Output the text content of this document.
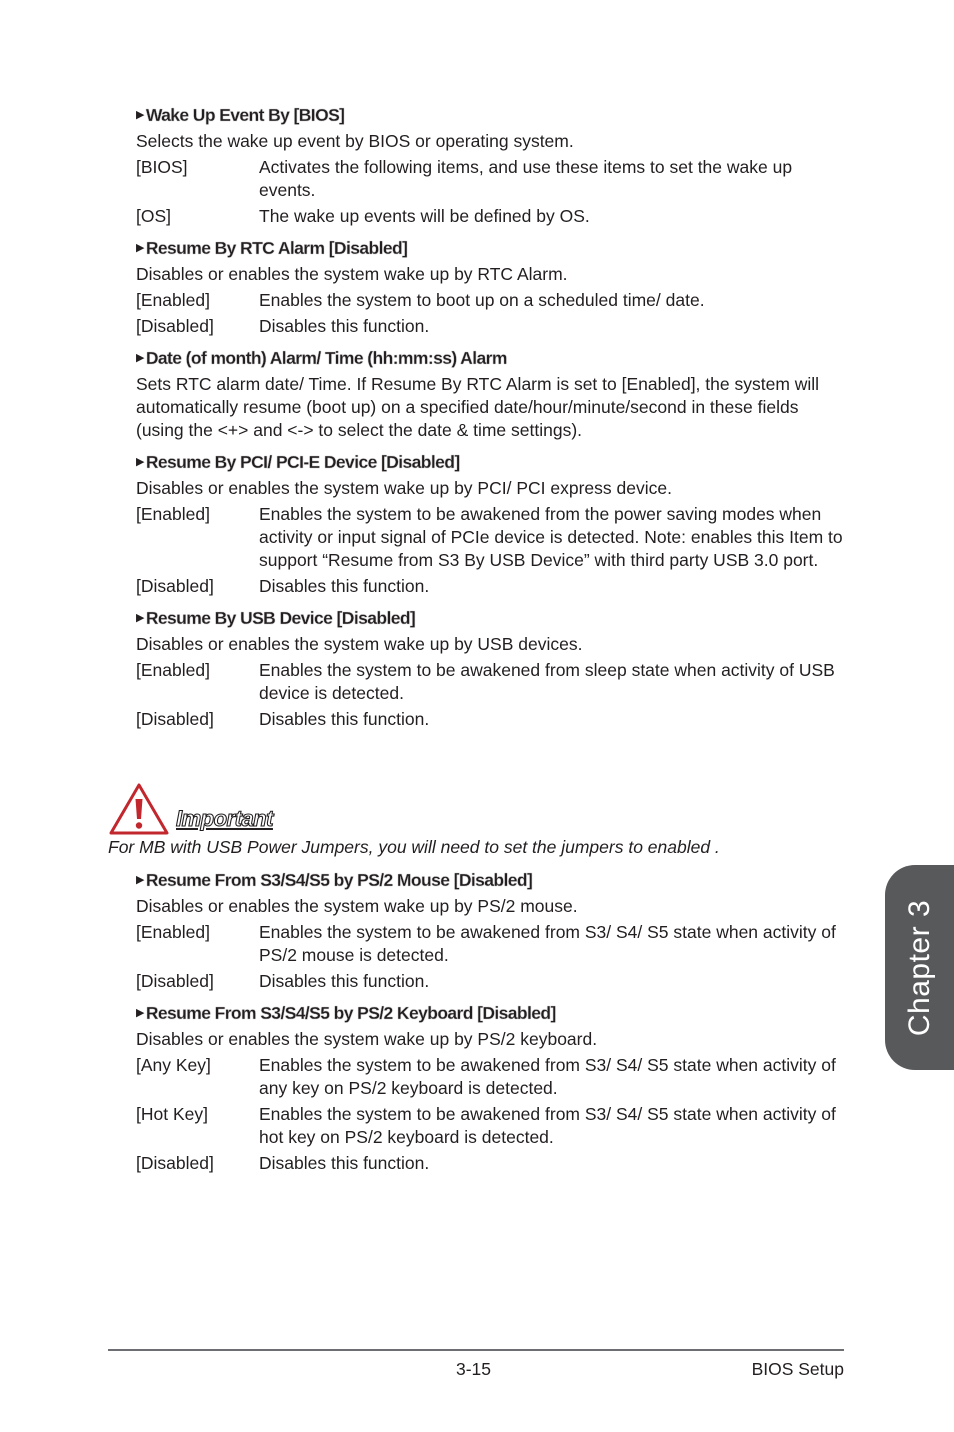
▶ Wake Up Event By [BIOS]
Selects the wake up event by BIOS or operating system.
[BIOS]	Activates the following items, and use these items to set the wake up events.
[OS]	The wake up events will be defined by OS.
▶ Resume By RTC Alarm [Disabled]
Disables or enables the system wake up by RTC Alarm.
[Enabled]	Enables the system to boot up on a scheduled time/ date.
[Disabled]	Disables this function.
▶ Date (of month) Alarm/ Time (hh:mm:ss) Alarm
Sets RTC alarm date/ Time. If Resume By RTC Alarm is set to [Enabled], the system will automatically resume (boot up) on a specified date/hour/minute/second in these fields (using the <+> and <-> to select the date & time settings).
▶ Resume By PCI/ PCI-E Device [Disabled]
Disables or enables the system wake up by PCI/ PCI express device.
[Enabled]	Enables the system to be awakened from the power saving modes when activity or input signal of PCIe device is detected. Note: enables this Item to support “Resume from S3 By USB Device” with third party USB 3.0 port.
[Disabled]	Disables this function.
▶ Resume By USB Device [Disabled]
Disables or enables the system wake up by USB devices.
[Enabled]	Enables the system to be awakened from sleep state when activity of USB device is detected.
[Disabled]	Disables this function.
Important
For MB with USB Power Jumpers, you will need to set the jumpers to enabled .
▶ Resume From S3/S4/S5 by PS/2 Mouse [Disabled]
Disables or enables the system wake up by PS/2 mouse.
[Enabled]	Enables the system to be awakened from S3/ S4/ S5 state when activity of PS/2 mouse is detected.
[Disabled]	Disables this function.
▶ Resume From S3/S4/S5 by PS/2 Keyboard [Disabled]
Disables or enables the system wake up by PS/2 keyboard.
[Any Key]	Enables the system to be awakened from S3/ S4/ S5 state when activity of any key on PS/2 keyboard is detected.
[Hot Key]	Enables the system to be awakened from S3/ S4/ S5 state when activity of hot key on PS/2 keyboard is detected.
[Disabled]	Disables this function.
3-15	BIOS Setup
Chapter 3
